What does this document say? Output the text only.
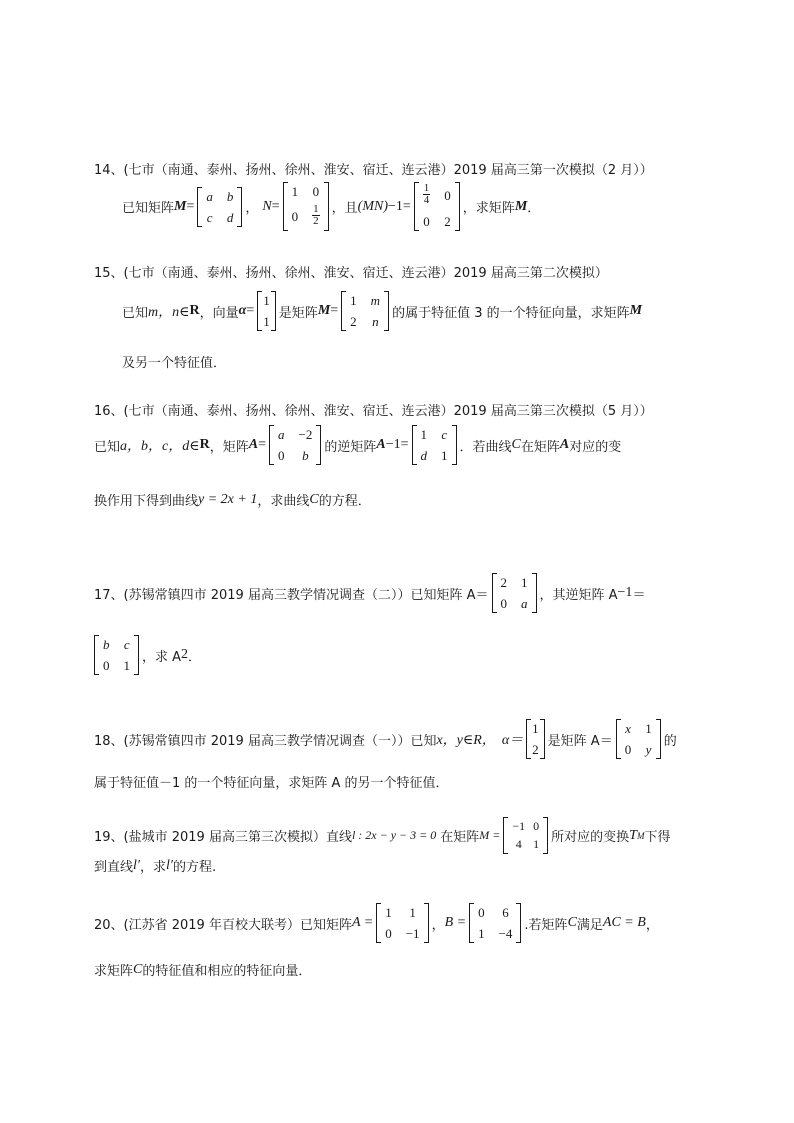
14、(七市（南通、泰州、扬州、徐州、淮安、宿迁、连云港）2019 届高三第一次模拟（2 月））
已知矩阵 M =
a b
c d
， N =
1 0
$0 \frac{1}{2}$ ，且 $(MN) -1 = \frac{1}{4} 0$
0 2
，求矩阵 M ．
15、(七市（南通、泰州、扬州、徐州、淮安、宿迁、连云港）2019 届高三第二次模拟）
已知 m，n∈ R ，向量 α =
1
1
是矩阵 M =
1 m
2 n
的属于特征值 3 的一个特征向量，求矩阵 M
及另一个特征值．
16、(七市（南通、泰州、扬州、徐州、淮安、宿迁、连云港）2019 届高三第三次模拟（5 月））
已知 a，b，c，d∈ R ，矩阵 A =
a −2
0 b
的逆矩阵 A −1 =
1 c
d 1
．若曲线 C 在矩阵 A 对应的变
换作用下得到曲线 y = 2x + 1 ，求曲线 C 的方程．
17、(苏锡常镇四市 2019 届高三教学情况调查（二））已知矩阵 A＝
2 1
0 a
，其逆矩阵 A −1 ＝
b c
0 1
，求 A 2 ．
18、(苏锡常镇四市 2019 届高三教学情况调查（一））已知 x，y∈R， α＝
1
2
是矩阵 A＝
x 1
0 y
的
属于特征值－1 的一个特征向量，求矩阵 A 的另一个特征值．
19、(盐城市 2019 届高三第三次模拟）直线 l : 2x − y − 3 = 0 在矩阵 M =
−1 0
4 1 所对应的变换 T M 下得
到直线 l′ ，求 l′ 的方程.
20、(江苏省 2019 年百校大联考）已知矩阵 A =
1 1
0 −1
， B =
0 6
1 −4
.若矩阵 C 满足 AC = B ，
求矩阵 C 的特征值和相应的特征向量．
